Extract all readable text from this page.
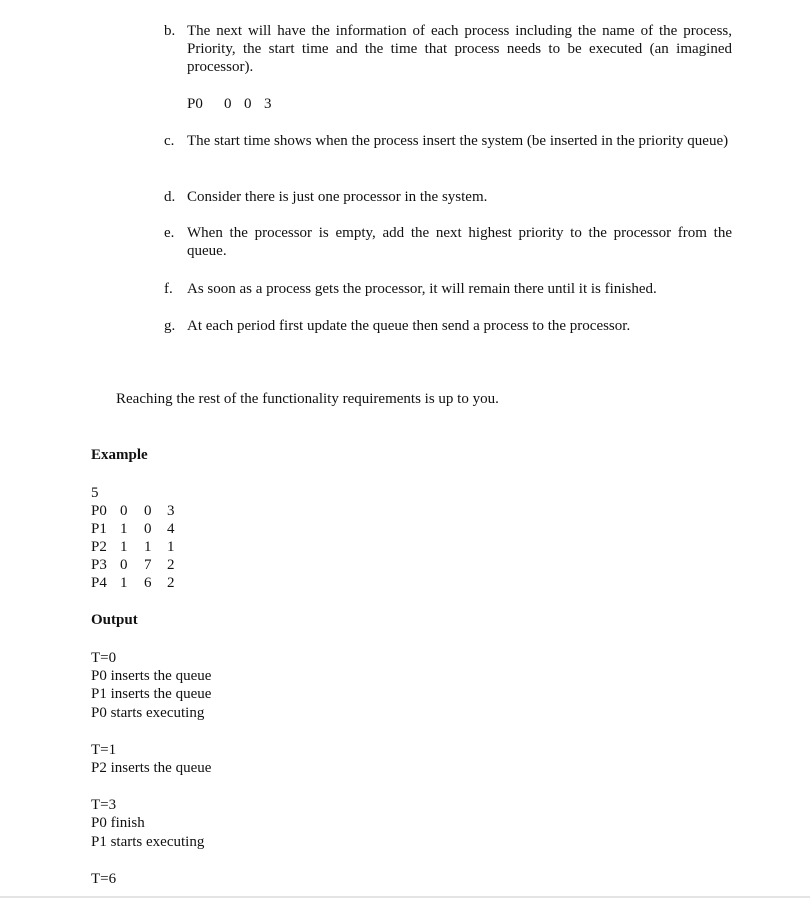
b. The next will have the information of each process including the name of the process, Priority, the start time and the time that process needs to be executed (an imagined processor).
P0 0 0 3
c. The start time shows when the process insert the system (be inserted in the priority queue)
d. Consider there is just one processor in the system.
e. When the processor is empty, add the next highest priority to the processor from the queue.
f. As soon as a process gets the processor, it will remain there until it is finished.
g. At each period first update the queue then send a process to the processor.
Reaching the rest of the functionality requirements is up to you.
Example
5
P0 0 0 3
P1 1 0 4
P2 1 1 1
P3 0 7 2
P4 1 6 2
Output
T=0
P0 inserts the queue
P1 inserts the queue
P0 starts executing
T=1
P2 inserts the queue
T=3
P0 finish
P1 starts executing
T=6
